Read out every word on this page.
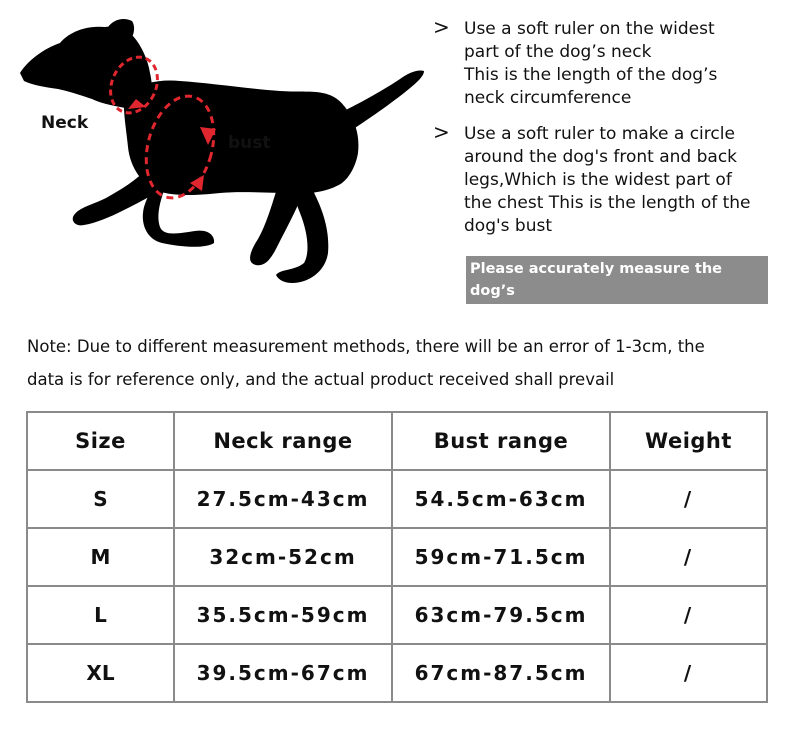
Neck
bust
> Use a soft ruler on the widest
part of the dog’s neck
This is the length of the dog’s
neck circumference
> Use a soft ruler to make a circle
around the dog's front and back
legs,Which is the widest part of
the chest This is the length of the
dog's bust
Please accurately measure the dog’s
neck and chest circumference~
Note: Due to different measurement methods, there will be an error of 1-3cm, the
data is for reference only, and the actual product received shall prevail
Size	Neck range	Bust range	Weight
S	27.5cm-43cm	54.5cm-63cm	/
M	32cm-52cm	59cm-71.5cm	/
L	35.5cm-59cm	63cm-79.5cm	/
XL	39.5cm-67cm	67cm-87.5cm	/
